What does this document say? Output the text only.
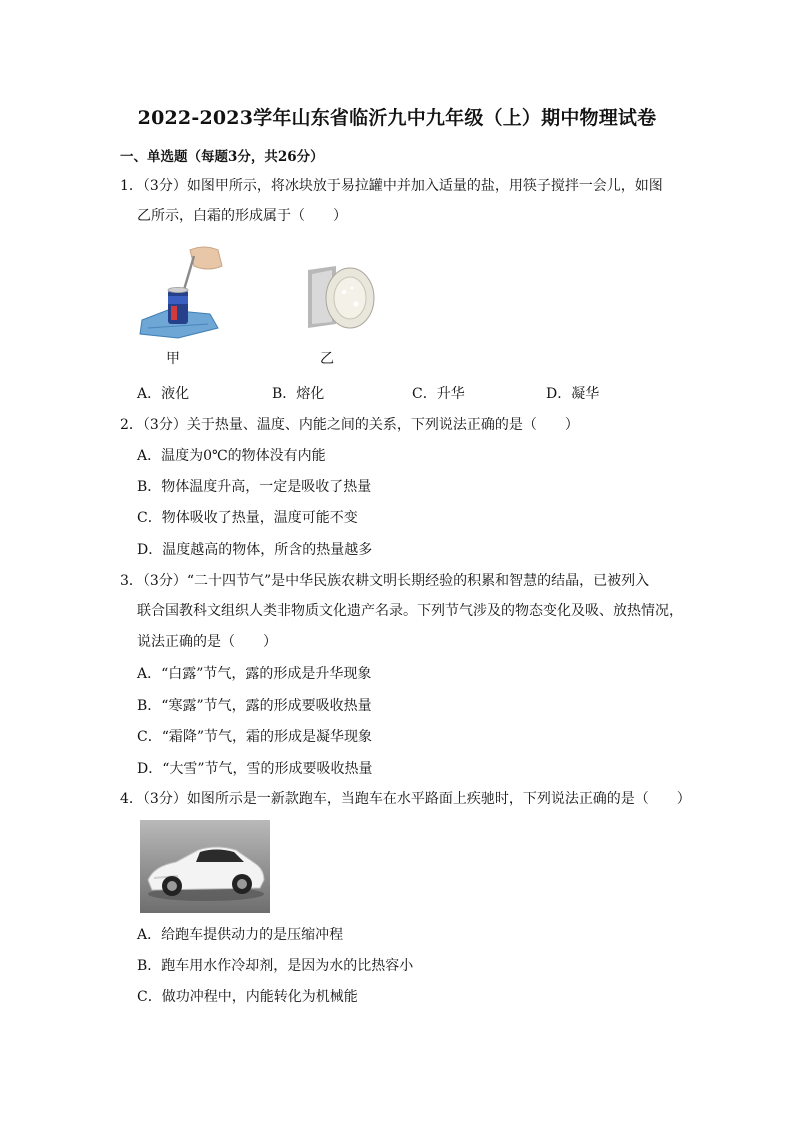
2022-2023学年山东省临沂九中九年级（上）期中物理试卷
一、单选题（每题3分，共26分）
1．（3分）如图甲所示，将冰块放于易拉罐中并加入适量的盐，用筷子搅拌一会儿，如图
乙所示，白霜的形成属于（　　）
甲	乙
A．液化	B．熔化	C．升华	D．凝华
2．（3分）关于热量、温度、内能之间的关系，下列说法正确的是（　　）
A．温度为0℃的物体没有内能
B．物体温度升高，一定是吸收了热量
C．物体吸收了热量，温度可能不变
D．温度越高的物体，所含的热量越多
3．（3分）“二十四节气”是中华民族农耕文明长期经验的积累和智慧的结晶，已被列入
联合国教科文组织人类非物质文化遗产名录。下列节气涉及的物态变化及吸、放热情况，
说法正确的是（　　）
A．“白露”节气，露的形成是升华现象
B．“寒露”节气，露的形成要吸收热量
C．“霜降”节气，霜的形成是凝华现象
D．“大雪”节气，雪的形成要吸收热量
4．（3分）如图所示是一新款跑车，当跑车在水平路面上疾驰时，下列说法正确的是（　　）
A．给跑车提供动力的是压缩冲程
B．跑车用水作冷却剂，是因为水的比热容小
C．做功冲程中，内能转化为机械能
